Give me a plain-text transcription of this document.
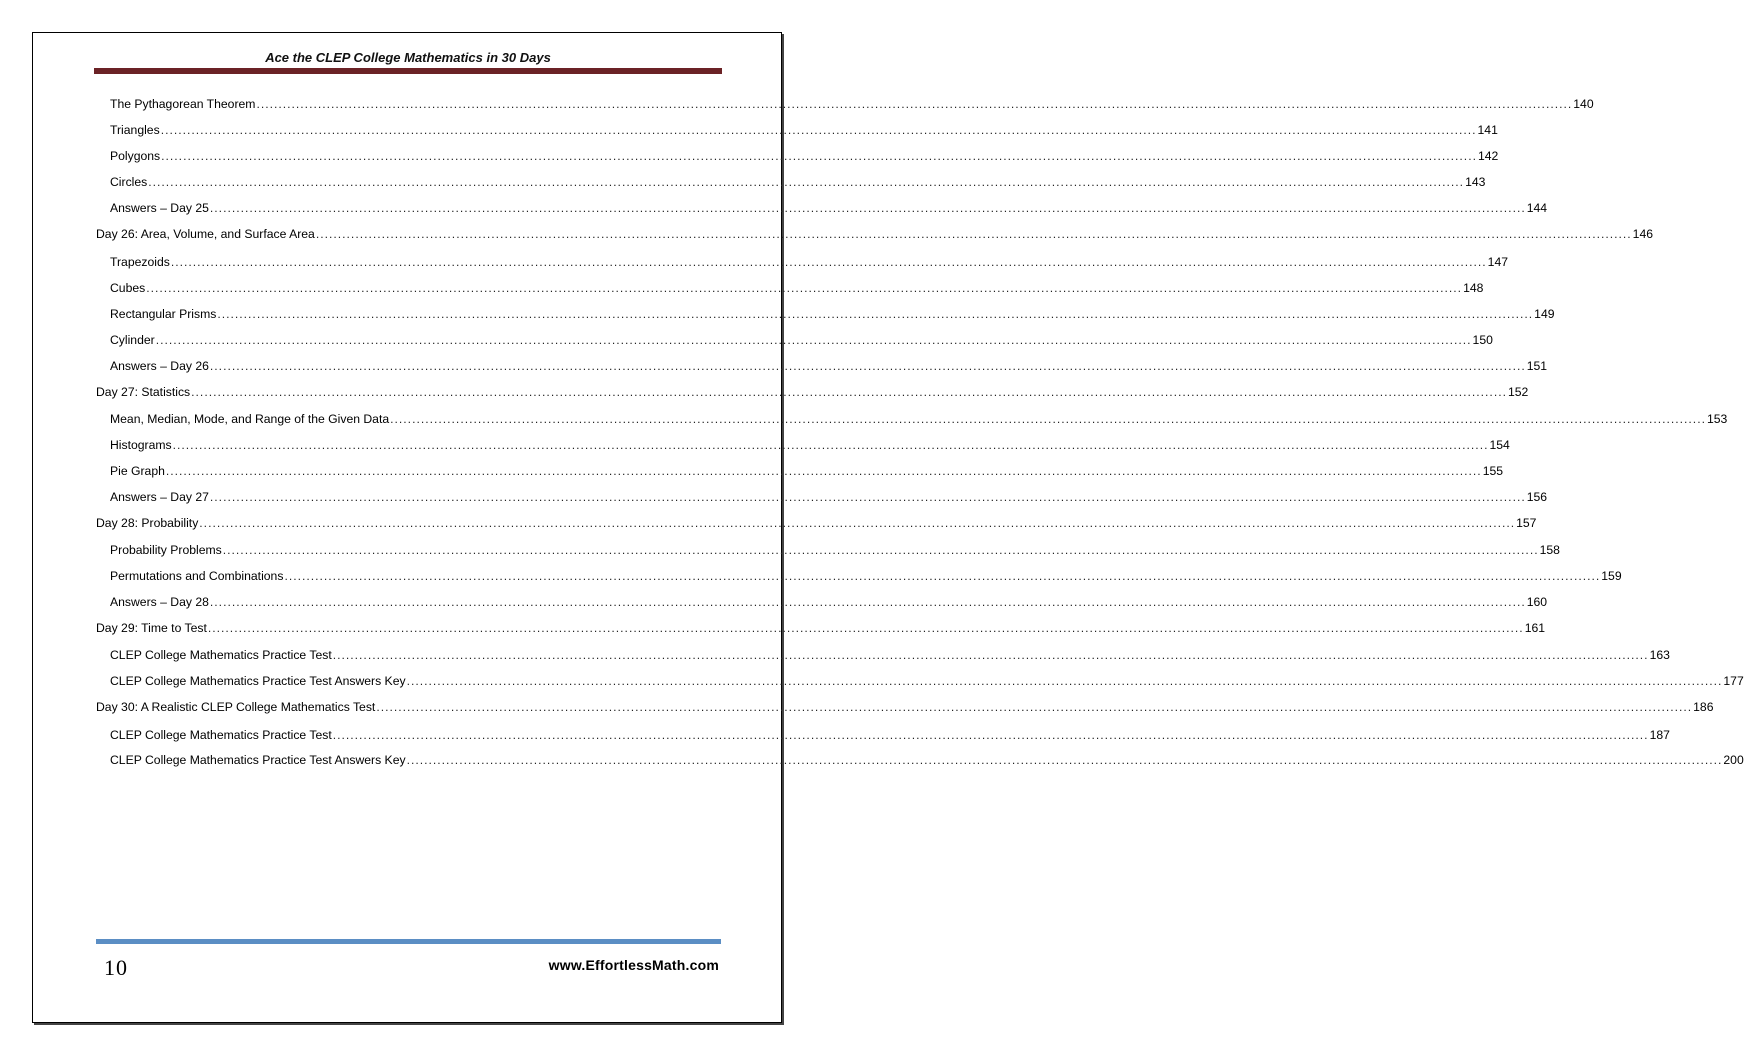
Ace the CLEP College Mathematics in 30 Days
The Pythagorean Theorem ............................................................................................................................................................................................................................................................................................................ 140
Triangles ............................................................................................................................................................................................................................................................................................................ 141
Polygons ............................................................................................................................................................................................................................................................................................................ 142
Circles ............................................................................................................................................................................................................................................................................................................ 143
Answers – Day 25 ............................................................................................................................................................................................................................................................................................................ 144
Day 26: Area, Volume, and Surface Area ............................................................................................................................................................................................................................................................................................................ 146
Trapezoids ............................................................................................................................................................................................................................................................................................................ 147
Cubes ............................................................................................................................................................................................................................................................................................................ 148
Rectangular Prisms ............................................................................................................................................................................................................................................................................................................ 149
Cylinder ............................................................................................................................................................................................................................................................................................................ 150
Answers – Day 26 ............................................................................................................................................................................................................................................................................................................ 151
Day 27: Statistics ............................................................................................................................................................................................................................................................................................................ 152
Mean, Median, Mode, and Range of the Given Data ............................................................................................................................................................................................................................................................................................................ 153
Histograms ............................................................................................................................................................................................................................................................................................................ 154
Pie Graph ............................................................................................................................................................................................................................................................................................................ 155
Answers – Day 27 ............................................................................................................................................................................................................................................................................................................ 156
Day 28: Probability ............................................................................................................................................................................................................................................................................................................ 157
Probability Problems ............................................................................................................................................................................................................................................................................................................ 158
Permutations and Combinations ............................................................................................................................................................................................................................................................................................................ 159
Answers – Day 28 ............................................................................................................................................................................................................................................................................................................ 160
Day 29: Time to Test ............................................................................................................................................................................................................................................................................................................ 161
CLEP College Mathematics Practice Test ............................................................................................................................................................................................................................................................................................................ 163
CLEP College Mathematics Practice Test Answers Key ............................................................................................................................................................................................................................................................................................................ 177
Day 30: A Realistic CLEP College Mathematics Test ............................................................................................................................................................................................................................................................................................................ 186
CLEP College Mathematics Practice Test ............................................................................................................................................................................................................................................................................................................ 187
CLEP College Mathematics Practice Test Answers Key ............................................................................................................................................................................................................................................................................................................ 200
10	www.EffortlessMath.com
